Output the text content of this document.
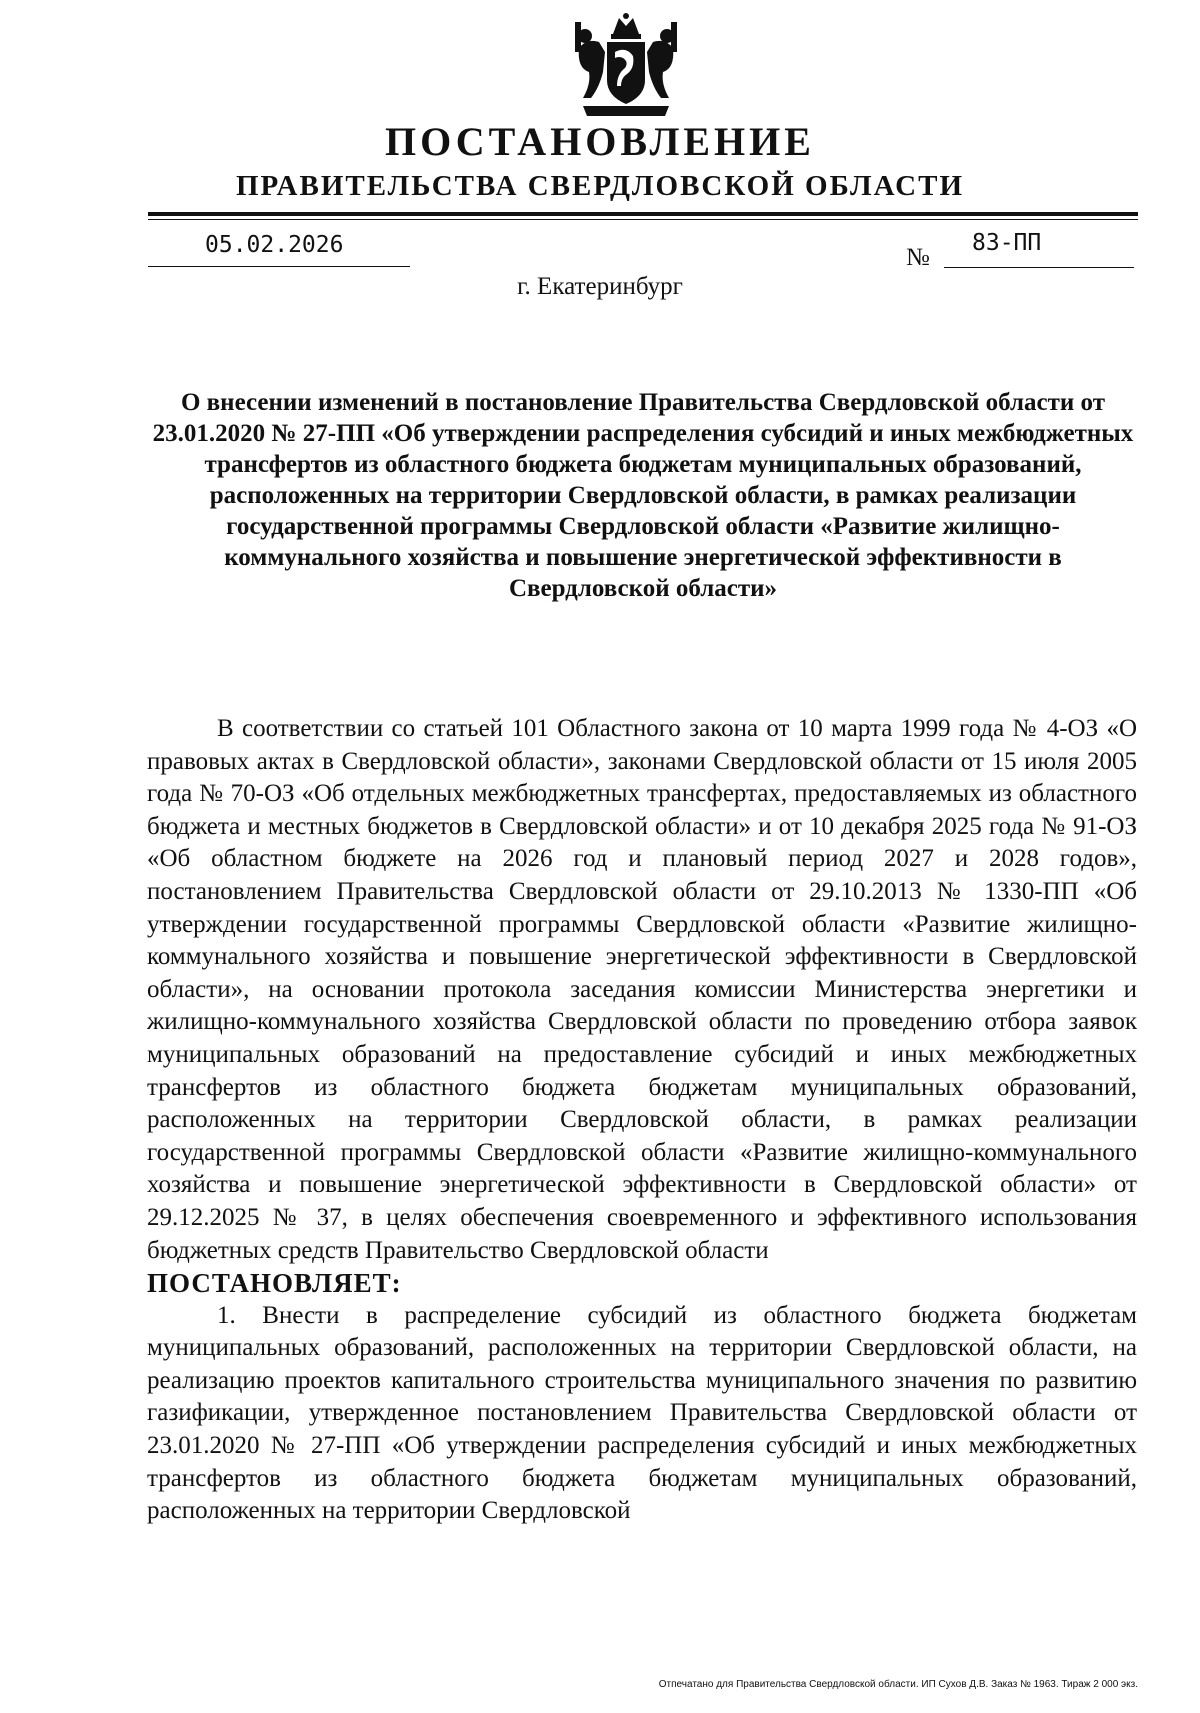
ПОСТАНОВЛЕНИЕ
ПРАВИТЕЛЬСТВА СВЕРДЛОВСКОЙ ОБЛАСТИ
05.02.2026	№
83-ПП
г. Екатеринбург

О внесении изменений в постановление Правительства Свердловской области от 23.01.2020 № 27-ПП «Об утверждении распределения субсидий и иных межбюджетных трансфертов из областного бюджета бюджетам муниципальных образований, расположенных на территории Свердловской области, в рамках реализации государственной программы Свердловской области «Развитие жилищно-коммунального хозяйства и повышение энергетической эффективности в Свердловской области»

В соответствии со статьей 101 Областного закона от 10 марта 1999 года № 4-ОЗ «О правовых актах в Свердловской области», законами Свердловской области от 15 июля 2005 года № 70-ОЗ «Об отдельных межбюджетных трансфертах, предоставляемых из областного бюджета и местных бюджетов в Свердловской области» и от 10 декабря 2025 года № 91-ОЗ «Об областном бюджете на 2026 год и плановый период 2027 и 2028 годов», постановлением Правительства Свердловской области от 29.10.2013 № 1330-ПП «Об утверждении государственной программы Свердловской области «Развитие жилищно-коммунального хозяйства и повышение энергетической эффективности в Свердловской области», на основании протокола заседания комиссии Министерства энергетики и жилищно-коммунального хозяйства Свердловской области по проведению отбора заявок муниципальных образований на предоставление субсидий и иных межбюджетных трансфертов из областного бюджета бюджетам муниципальных образований, расположенных на территории Свердловской области, в рамках реализации государственной программы Свердловской области «Развитие жилищно-коммунального хозяйства и повышение энергетической эффективности в Свердловской области» от 29.12.2025 № 37, в целях обеспечения своевременного и эффективного использования бюджетных средств Правительство Свердловской области

ПОСТАНОВЛЯЕТ:

1. Внести в распределение субсидий из областного бюджета бюджетам муниципальных образований, расположенных на территории Свердловской области, на реализацию проектов капитального строительства муниципального значения по развитию газификации, утвержденное постановлением Правительства Свердловской области от 23.01.2020 № 27-ПП «Об утверждении распределения субсидий и иных межбюджетных трансфертов из областного бюджета бюджетам муниципальных образований, расположенных на территории Свердловской

Отпечатано для Правительства Свердловской области. ИП Сухов Д.В. Заказ № 1963. Тираж 2 000 экз.
